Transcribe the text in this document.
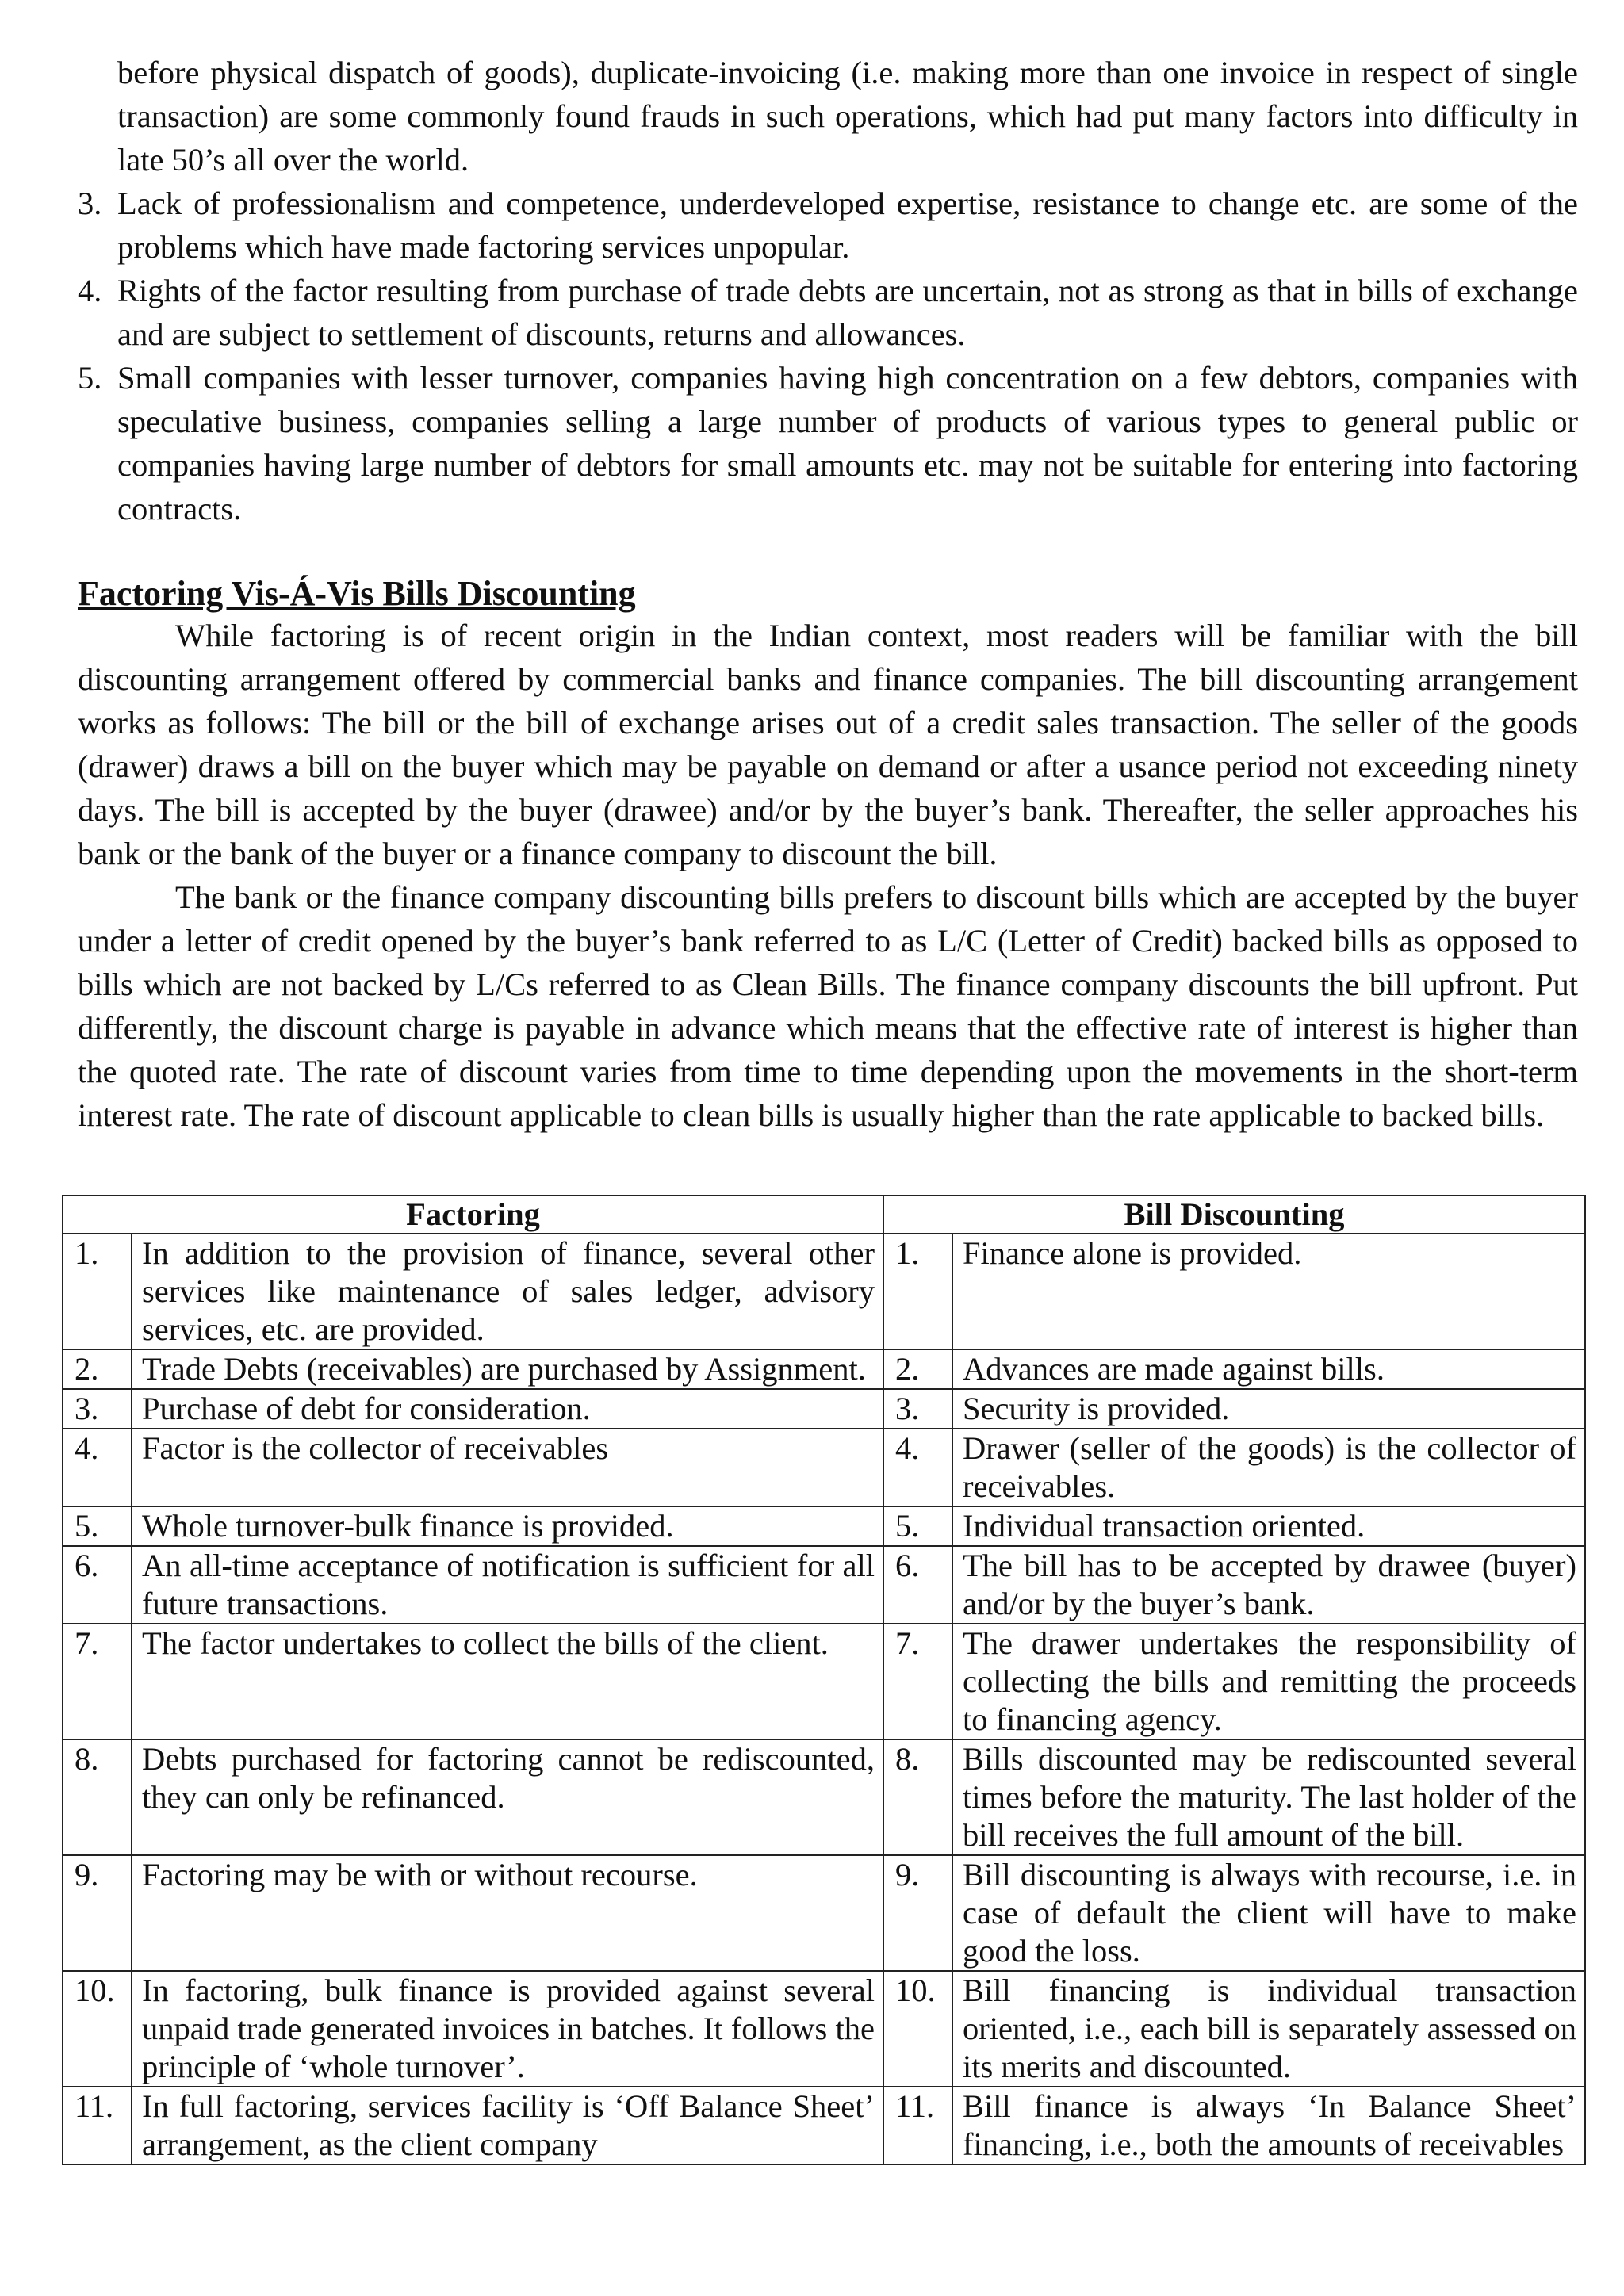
before physical dispatch of goods), duplicate-invoicing (i.e. making more than one invoice in respect of single transaction) are some commonly found frauds in such operations, which had put many factors into difficulty in late 50’s all over the world.

3. Lack of professionalism and competence, underdeveloped expertise, resistance to change etc. are some of the problems which have made factoring services unpopular.
4. Rights of the factor resulting from purchase of trade debts are uncertain, not as strong as that in bills of exchange and are subject to settlement of discounts, returns and allowances.
5. Small companies with lesser turnover, companies having high concentration on a few debtors, companies with speculative business, companies selling a large number of products of various types to general public or companies having large number of debtors for small amounts etc. may not be suitable for entering into factoring contracts.

Factoring Vis-Á-Vis Bills Discounting

While factoring is of recent origin in the Indian context, most readers will be familiar with the bill discounting arrangement offered by commercial banks and finance companies. The bill discounting arrangement works as follows: The bill or the bill of exchange arises out of a credit sales transaction. The seller of the goods (drawer) draws a bill on the buyer which may be payable on demand or after a usance period not exceeding ninety days. The bill is accepted by the buyer (drawee) and/or by the buyer’s bank. Thereafter, the seller approaches his bank or the bank of the buyer or a finance company to discount the bill.

The bank or the finance company discounting bills prefers to discount bills which are accepted by the buyer under a letter of credit opened by the buyer’s bank referred to as L/C (Letter of Credit) backed bills as opposed to bills which are not backed by L/Cs referred to as Clean Bills. The finance company discounts the bill upfront. Put differently, the discount charge is payable in advance which means that the effective rate of interest is higher than the quoted rate. The rate of discount varies from time to time depending upon the movements in the short-term interest rate. The rate of discount applicable to clean bills is usually higher than the rate applicable to backed bills.

Factoring		Bill Discounting	
1.	In addition to the provision of finance, several other services like maintenance of sales ledger, advisory services, etc. are provided.	1.	Finance alone is provided.
2.	Trade Debts (receivables) are purchased by Assignment.	2.	Advances are made against bills.
3.	Purchase of debt for consideration.	3.	Security is provided.
4.	Factor is the collector of receivables	4.	Drawer (seller of the goods) is the collector of receivables.
5.	Whole turnover-bulk finance is provided.	5.	Individual transaction oriented.
6.	An all-time acceptance of notification is sufficient for all future transactions.	6.	The bill has to be accepted by drawee (buyer) and/or by the buyer’s bank.
7.	The factor undertakes to collect the bills of the client.	7.	The drawer undertakes the responsibility of collecting the bills and remitting the proceeds to financing agency.
8.	Debts purchased for factoring cannot be rediscounted, they can only be refinanced.	8.	Bills discounted may be rediscounted several times before the maturity. The last holder of the bill receives the full amount of the bill.
9.	Factoring may be with or without recourse.	9.	Bill discounting is always with recourse, i.e. in case of default the client will have to make good the loss.
10.	In factoring, bulk finance is provided against several unpaid trade generated invoices in batches. It follows the principle of ‘whole turnover’.	10.	Bill financing is individual transaction oriented, i.e., each bill is separately assessed on its merits and discounted.
11.	In full factoring, services facility is ‘Off Balance Sheet’ arrangement, as the client company	11.	Bill finance is always ‘In Balance Sheet’ financing, i.e., both the amounts of receivables
